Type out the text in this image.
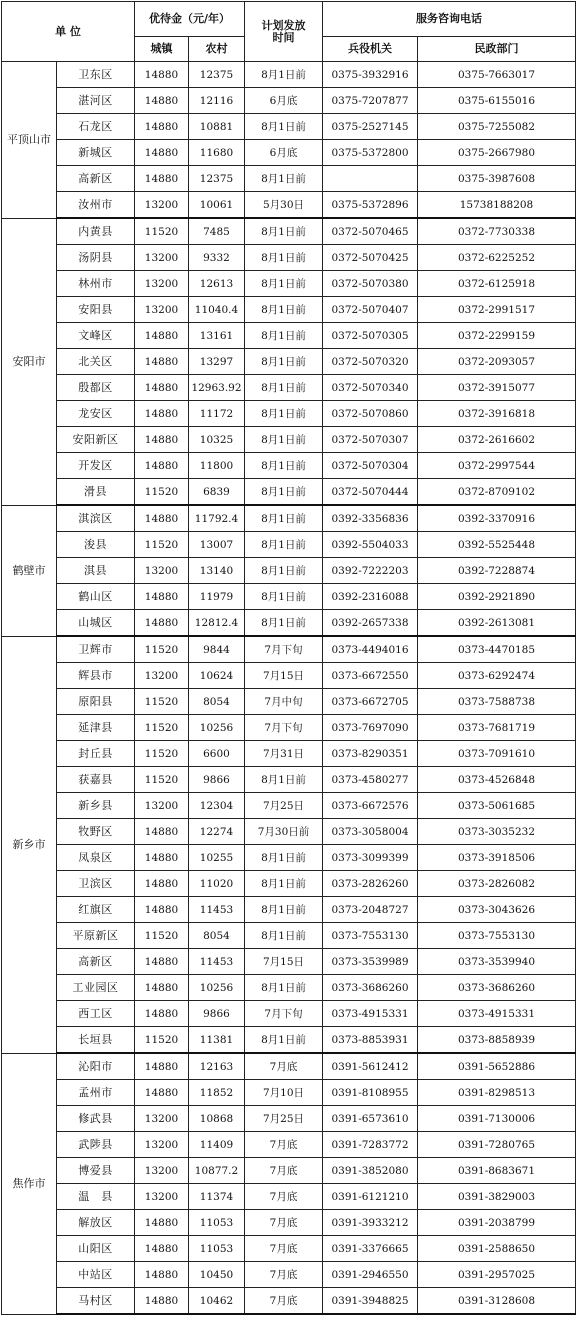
单 位		优待金（元/年）		计划发放
时间	服务咨询电话	
		城镇	农村		兵役机关	民政部门
平顶山市	卫东区	14880	12375	8月1日前	0375-3932916	0375-7663017
	湛河区	14880	12116	6月底	0375-7207877	0375-6155016
	石龙区	14880	10881	8月1日前	0375-2527145	0375-7255082
	新城区	14880	11680	6月底	0375-5372800	0375-2667980
	高新区	14880	12375	8月1日前		0375-3987608
	汝州市	13200	10061	5月30日	0375-5372896	15738188208
安阳市	内黄县	11520	7485	8月1日前	0372-5070465	0372-7730338
	汤阴县	13200	9332	8月1日前	0372-5070425	0372-6225252
	林州市	13200	12613	8月1日前	0372-5070380	0372-6125918
	安阳县	13200	11040.4	8月1日前	0372-5070407	0372-2991517
	文峰区	14880	13161	8月1日前	0372-5070305	0372-2299159
	北关区	14880	13297	8月1日前	0372-5070320	0372-2093057
	殷都区	14880	12963.92	8月1日前	0372-5070340	0372-3915077
	龙安区	14880	11172	8月1日前	0372-5070860	0372-3916818
	安阳新区	14880	10325	8月1日前	0372-5070307	0372-2616602
	开发区	14880	11800	8月1日前	0372-5070304	0372-2997544
	滑县	11520	6839	8月1日前	0372-5070444	0372-8709102
鹤壁市	淇滨区	14880	11792.4	8月1日前	0392-3356836	0392-3370916
	浚县	11520	13007	8月1日前	0392-5504033	0392-5525448
	淇县	13200	13140	8月1日前	0392-7222203	0392-7228874
	鹤山区	14880	11979	8月1日前	0392-2316088	0392-2921890
	山城区	14880	12812.4	8月1日前	0392-2657338	0392-2613081
新乡市	卫辉市	11520	9844	7月下旬	0373-4494016	0373-4470185
	辉县市	13200	10624	7月15日	0373-6672550	0373-6292474
	原阳县	11520	8054	7月中旬	0373-6672705	0373-7588738
	延津县	11520	10256	7月下旬	0373-7697090	0373-7681719
	封丘县	11520	6600	7月31日	0373-8290351	0373-7091610
	获嘉县	11520	9866	8月1日前	0373-4580277	0373-4526848
	新乡县	13200	12304	7月25日	0373-6672576	0373-5061685
	牧野区	14880	12274	7月30日前	0373-3058004	0373-3035232
	凤泉区	14880	10255	8月1日前	0373-3099399	0373-3918506
	卫滨区	14880	11020	8月1日前	0373-2826260	0373-2826082
	红旗区	14880	11453	8月1日前	0373-2048727	0373-3043626
	平原新区	11520	8054	8月1日前	0373-7553130	0373-7553130
	高新区	14880	11453	7月15日	0373-3539989	0373-3539940
	工业园区	14880	10256	8月1日前	0373-3686260	0373-3686260
	西工区	14880	9866	7月下旬	0373-4915331	0373-4915331
	长垣县	11520	11381	8月1日前	0373-8853931	0373-8858939
焦作市	沁阳市	14880	12163	7月底	0391-5612412	0391-5652886
	孟州市	14880	11852	7月10日	0391-8108955	0391-8298513
	修武县	13200	10868	7月25日	0391-6573610	0391-7130006
	武陟县	13200	11409	7月底	0391-7283772	0391-7280765
	博爱县	13200	10877.2	7月底	0391-3852080	0391-8683671
	温　县	13200	11374	7月底	0391-6121210	0391-3829003
	解放区	14880	11053	7月底	0391-3933212	0391-2038799
	山阳区	14880	11053	7月底	0391-3376665	0391-2588650
	中站区	14880	10450	7月底	0391-2946550	0391-2957025
	马村区	14880	10462	7月底	0391-3948825	0391-3128608
